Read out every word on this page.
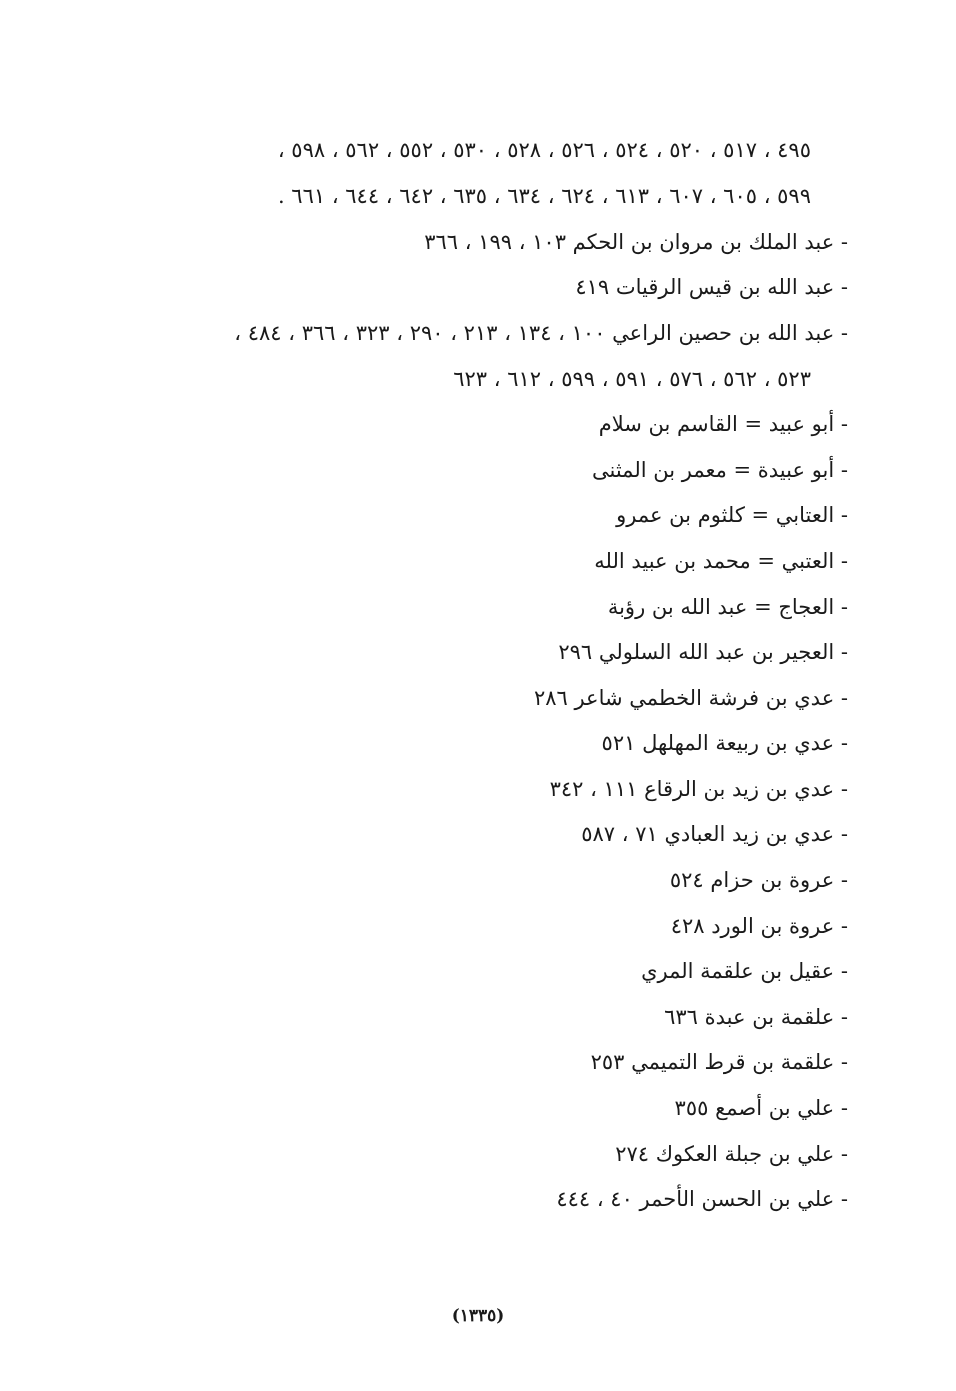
٤٩٥ ، ٥١٧ ، ٥٢٠ ، ٥٢٤ ، ٥٢٦ ، ٥٢٨ ، ٥٣٠ ، ٥٥٢ ، ٥٦٢ ، ٥٩٨ ،
٥٩٩ ، ٦٠٥ ، ٦٠٧ ، ٦١٣ ، ٦٢٤ ، ٦٣٤ ، ٦٣٥ ، ٦٤٢ ، ٦٤٤ ، ٦٦١ .
- عبد الملك بن مروان بن الحكم ١٠٣ ، ١٩٩ ، ٣٦٦
- عبد الله بن قيس الرقيات ٤١٩
- عبد الله بن حصين الراعي ١٠٠ ، ١٣٤ ، ٢١٣ ، ٢٩٠ ، ٣٢٣ ، ٣٦٦ ، ٤٨٤ ،
٥٢٣ ، ٥٦٢ ، ٥٧٦ ، ٥٩١ ، ٥٩٩ ، ٦١٢ ، ٦٢٣
- أبو عبيد = القاسم بن سلام
- أبو عبيدة = معمر بن المثنى
- العتابي = كلثوم بن عمرو
- العتبي = محمد بن عبيد الله
- العجاج = عبد الله بن رؤبة
- العجير بن عبد الله السلولي ٢٩٦
- عدي بن فرشة الخطمي شاعر ٢٨٦
- عدي بن ربيعة المهلهل ٥٢١
- عدي بن زيد بن الرقاع ١١١ ، ٣٤٢
- عدي بن زيد العبادي ٧١ ، ٥٨٧
- عروة بن حزام ٥٢٤
- عروة بن الورد ٤٢٨
- عقيل بن علقمة المري
- علقمة بن عبدة ٦٣٦
- علقمة بن قرط التميمي ٢٥٣
- علي بن أصمع ٣٥٥
- علي بن جبلة العكوك ٢٧٤
- علي بن الحسن الأحمر ٤٠ ، ٤٤٤
(١٣٣٥)
